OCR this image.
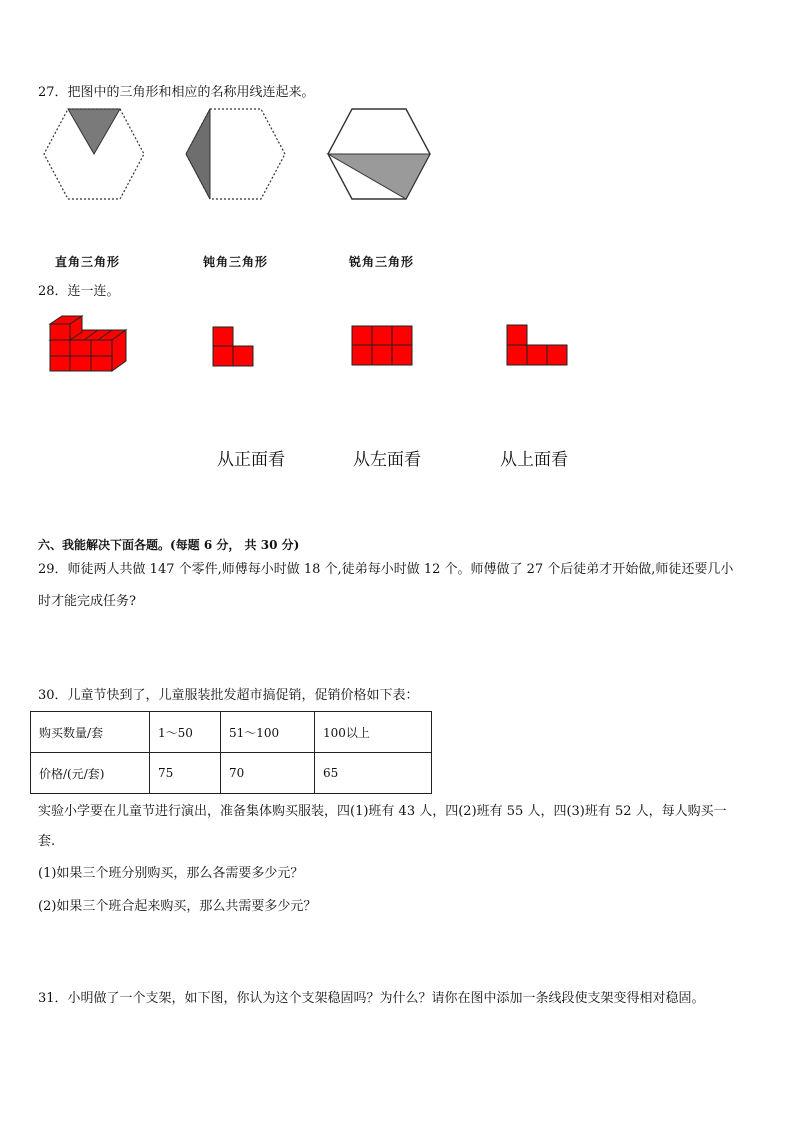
27．把图中的三角形和相应的名称用线连起来。
直角三角形	钝角三角形	锐角三角形
28．连一连。
从正面看	从左面看	从上面看
六、我能解决下面各题。(每题 6 分， 共 30 分)
29．师徒两人共做 147 个零件,师傅每小时做 18 个,徒弟每小时做 12 个。师傅做了 27 个后徒弟才开始做,师徒还要几小
时才能完成任务?
30．儿童节快到了，儿童服装批发超市搞促销，促销价格如下表：
购买数量/套	1～50	51～100	100以上
价格/(元/套)	75	70	65
实验小学要在儿童节进行演出，准备集体购买服装，四(1)班有 43 人，四(2)班有 55 人，四(3)班有 52 人，每人购买一
套.
(1)如果三个班分别购买，那么各需要多少元？
(2)如果三个班合起来购买，那么共需要多少元？
31．小明做了一个支架，如下图，你认为这个支架稳固吗？为什么？请你在图中添加一条线段使支架变得相对稳固。
